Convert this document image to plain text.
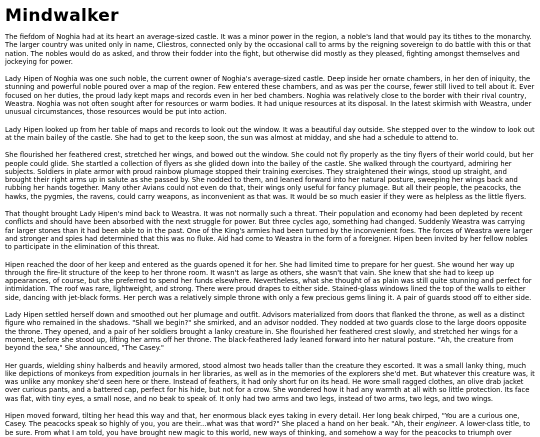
Mindwalker

The fiefdom of Noghia had at its heart an average-sized castle. It was a minor power in the region, a noble's land that would pay its tithes to the monarchy. The larger country was united only in name, Cliestros, connected only by the occasional call to arms by the reigning sovereign to do battle with this or that nation. The nobles would do as asked, and throw their fodder into the fight, but otherwise did mostly as they pleased, fighting amongst themselves and jockeying for power.

Lady Hipen of Noghia was one such noble, the current owner of Noghia's average-sized castle. Deep inside her ornate chambers, in her den of iniquity, the stunning and powerful noble poured over a map of the region. Few entered these chambers, and as was per the course, fewer still lived to tell about it. Ever focused on her duties, the proud lady kept maps and records even in her bed chambers. Noghia was relatively close to the border with their rival country, Weastra. Noghia was not often sought after for resources or warm bodies. It had unique resources at its disposal. In the latest skirmish with Weastra, under unusual circumstances, those resources would be put into action.

Lady Hipen looked up from her table of maps and records to look out the window. It was a beautiful day outside. She stepped over to the window to look out at the main bailey of the castle. She had to get to the keep soon, the sun was almost at midday, and she had a schedule to attend to.

She flourished her feathered crest, stretched her wings, and bowed out the window. She could not fly properly as the tiny flyers of their world could, but her people could glide. She startled a collection of flyers as she glided down into the bailey of the castle. She walked through the courtyard, admiring her subjects. Soldiers in plate armor with proud rainbow plumage stopped their training exercises. They straightened their wings, stood up straight, and brought their right arms up in salute as she passed by. She nodded to them, and leaned forward into her natural posture, sweeping her wings back and rubbing her hands together. Many other Avians could not even do that, their wings only useful for fancy plumage. But all their people, the peacocks, the hawks, the pygmies, the ravens, could carry weapons, as inconvenient as that was. It would be so much easier if they were as helpless as the little flyers.

That thought brought Lady Hipen's mind back to Weastra. It was not normally such a threat. Their population and economy had been depleted by recent conflicts and should have been absorbed with the next struggle for power. But three cycles ago, something had changed. Suddenly Weastra was carrying far larger stones than it had been able to in the past. One of the King's armies had been turned by the inconvenient foes. The forces of Weastra were larger and stronger and spies had determined that this was no fluke. Aid had come to Weastra in the form of a foreigner. Hipen been invited by her fellow nobles to participate in the elimination of this threat.

Hipen reached the door of her keep and entered as the guards opened it for her. She had limited time to prepare for her guest. She wound her way up through the fire-lit structure of the keep to her throne room. It wasn't as large as others, she wasn't that vain. She knew that she had to keep up appearances, of course, but she preferred to spend her funds elsewhere. Nevertheless, what she thought of as plain was still quite stunning and perfect for intimidation. The roof was rare, lightweight, and strong. There were proud drapes to either side. Stained-glass windows lined the top of the walls to either side, dancing with jet-black forms. Her perch was a relatively simple throne with only a few precious gems lining it. A pair of guards stood off to either side.

Lady Hipen settled herself down and smoothed out her plumage and outfit. Advisors materialized from doors that flanked the throne, as well as a distinct figure who remained in the shadows. "Shall we begin?" she smirked, and an advisor nodded. They nodded at two guards close to the large doors opposite the throne. They opened, and a pair of her soldiers brought a lanky creature in. She flourished her feathered crest slowly, and stretched her wings for a moment, before she stood up, lifting her arms off her throne. The black-feathered lady leaned forward into her natural posture. "Ah, the creature from beyond the sea," She announced, "The Casey."

Her guards, wielding shiny halberds and heavily armored, stood almost two heads taller than the creature they escorted. It was a small lanky thing, much like depictions of monkeys from expedition journals in her libraries, as well as in the memories of the explorers she'd met. But whatever this creature was, it was unlike any monkey she'd seen here or there. Instead of feathers, it had only short fur on its head. He wore small ragged clothes, an olive drab jacket over curious pants, and a battered cap, perfect for his hide, but not for a crow. She wondered how it had any warmth at all with so little protection. Its face was flat, with tiny eyes, a small nose, and no beak to speak of. It only had two arms and two legs, instead of two arms, two legs, and two wings.

Hipen moved forward, tilting her head this way and that, her enormous black eyes taking in every detail. Her long beak chirped, "You are a curious one, Casey. The peacocks speak so highly of you, you are their...what was that word?" She placed a hand on her beak. "Ah, their engineer. A lower-class title, to be sure. From what I am told, you have brought new magic to this world, new ways of thinking, and somehow a way for the peacocks to triumph over
